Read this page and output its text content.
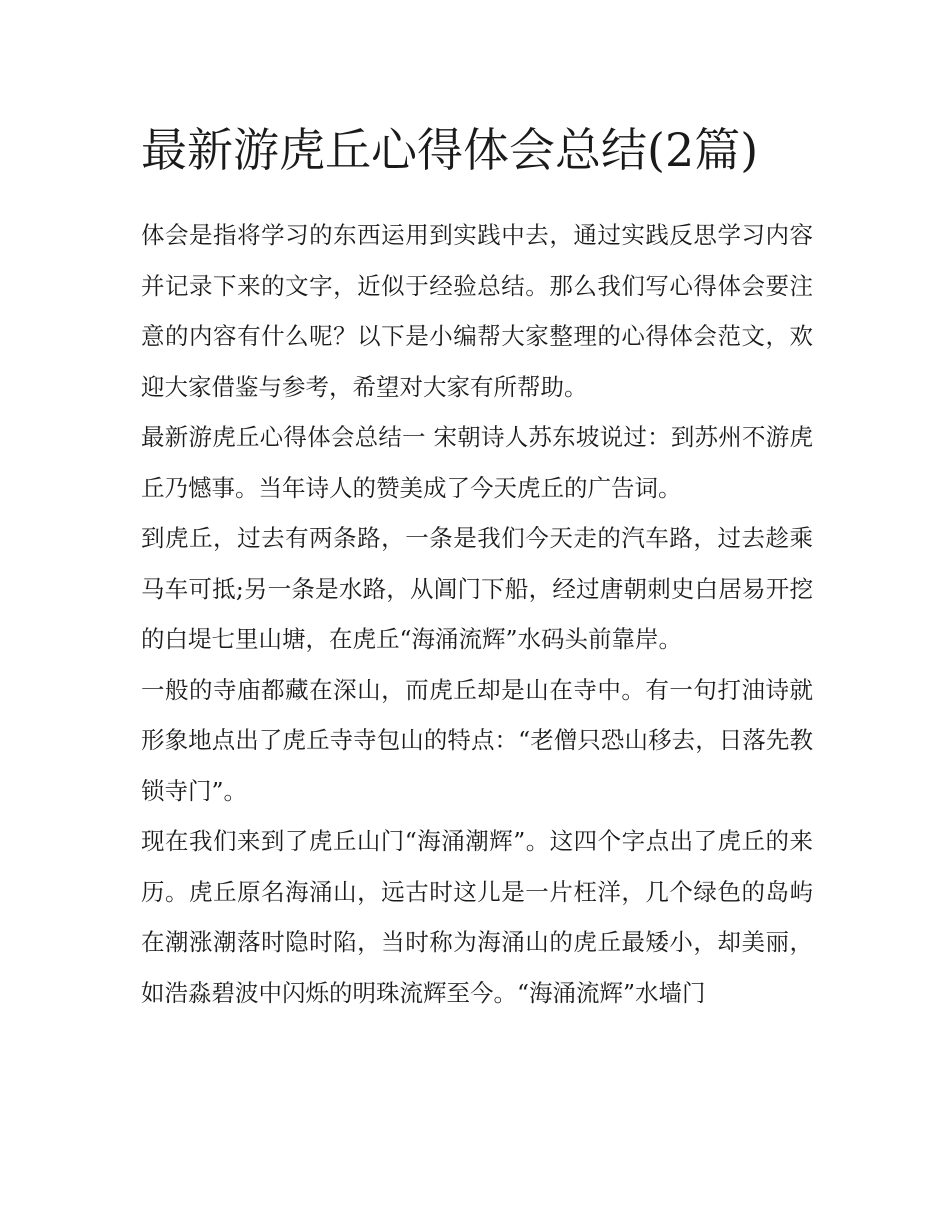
最新游虎丘心得体会总结(2篇)

体会是指将学习的东西运用到实践中去，通过实践反思学习内容并记录下来的文字，近似于经验总结。那么我们写心得体会要注意的内容有什么呢？以下是小编帮大家整理的心得体会范文，欢迎大家借鉴与参考，希望对大家有所帮助。

最新游虎丘心得体会总结一 宋朝诗人苏东坡说过：到苏州不游虎丘乃憾事。当年诗人的赞美成了今天虎丘的广告词。

到虎丘，过去有两条路，一条是我们今天走的汽车路，过去趁乘马车可抵;另一条是水路，从阊门下船，经过唐朝刺史白居易开挖的白堤七里山塘，在虎丘“海涌流辉”水码头前靠岸。

一般的寺庙都藏在深山，而虎丘却是山在寺中。有一句打油诗就形象地点出了虎丘寺寺包山的特点：“老僧只恐山移去，日落先教锁寺门”。

现在我们来到了虎丘山门“海涌潮辉”。这四个字点出了虎丘的来历。虎丘原名海涌山，远古时这儿是一片枉洋，几个绿色的岛屿在潮涨潮落时隐时陷，当时称为海涌山的虎丘最矮小，却美丽，如浩淼碧波中闪烁的明珠流辉至今。“海涌流辉”水墙门
